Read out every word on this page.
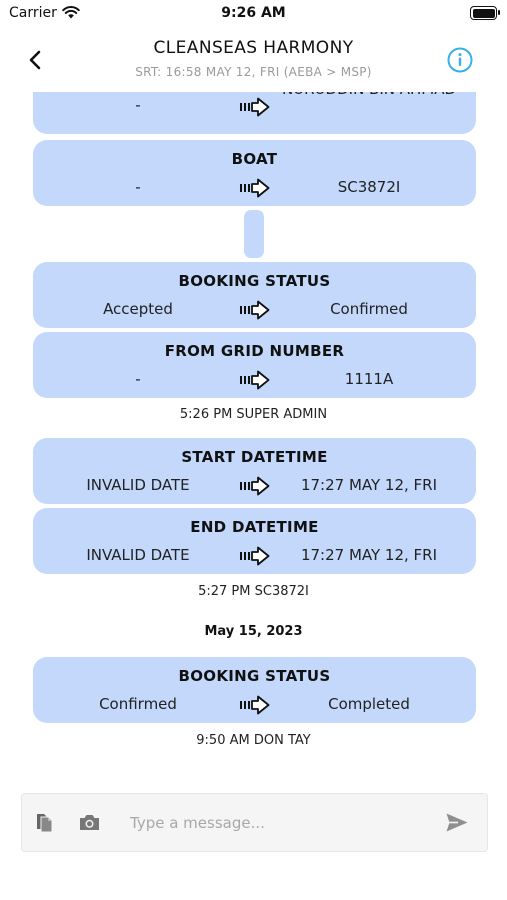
Carrier	9:26 AM
CLEANSEAS HARMONY
SRT: 16:58 MAY 12, FRI (AEBA > MSP)
-
BOAT
-	SC3872I
BOOKING STATUS
Accepted	Confirmed
FROM GRID NUMBER
-	1111A
5:26 PM SUPER ADMIN
START DATETIME
INVALID DATE	17:27 MAY 12, FRI
END DATETIME
INVALID DATE	17:27 MAY 12, FRI
5:27 PM SC3872I
May 15, 2023
BOOKING STATUS
Confirmed	Completed
9:50 AM DON TAY
Type a message...
